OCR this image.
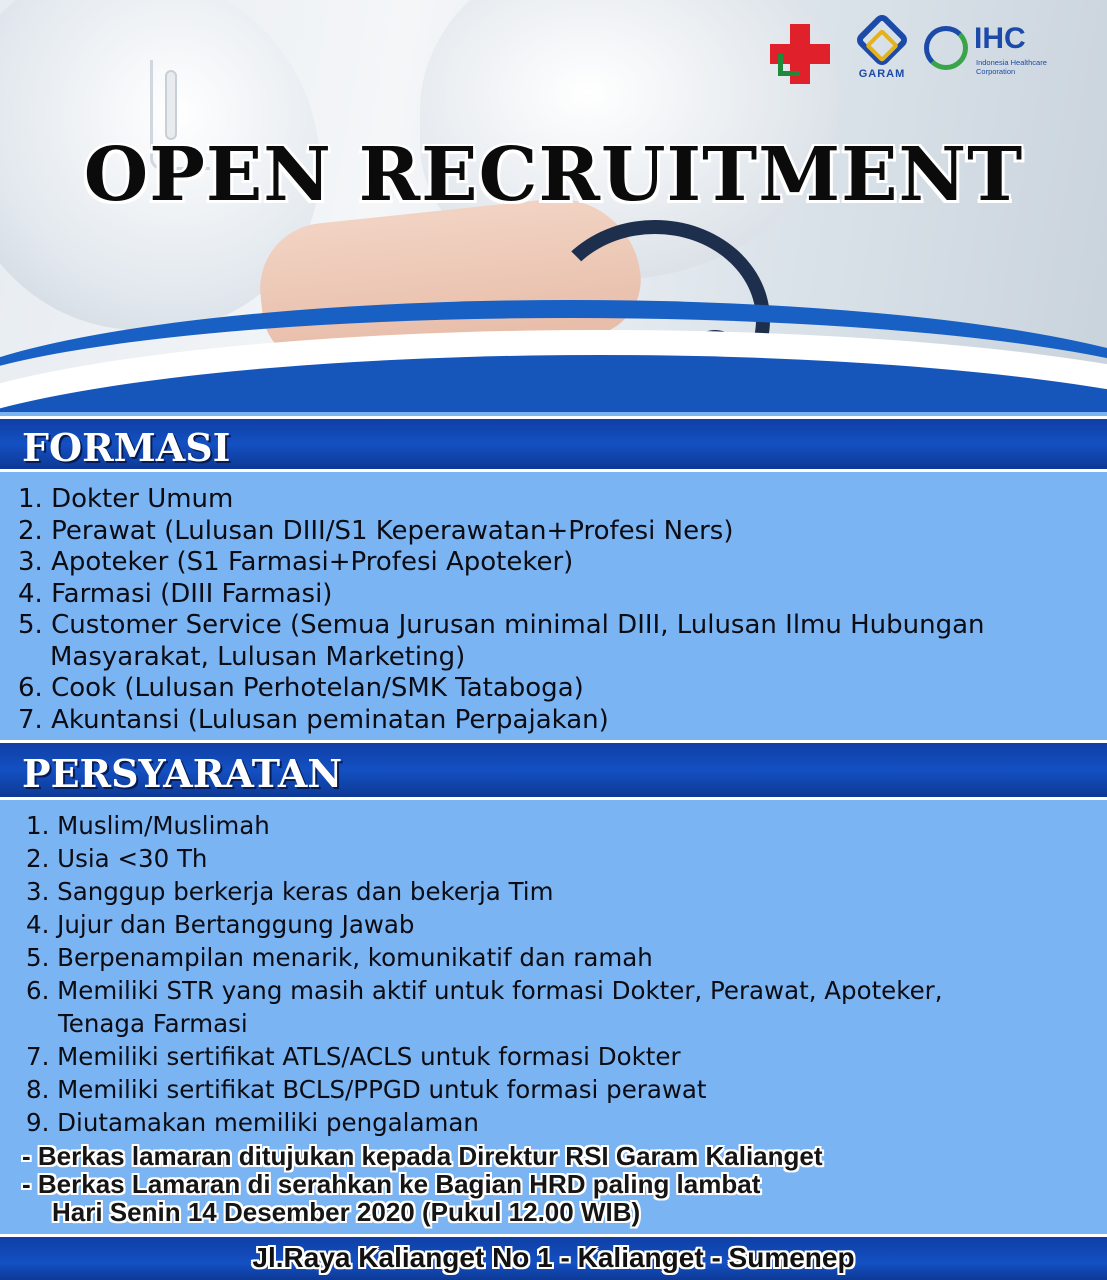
GARAM
IHC
Indonesia Healthcare Corporation
OPEN RECRUITMENT
FORMASI
1. Dokter Umum
2. Perawat (Lulusan DIII/S1 Keperawatan+Profesi Ners)
3. Apoteker (S1 Farmasi+Profesi Apoteker)
4. Farmasi (DIII Farmasi)
5. Customer Service (Semua Jurusan minimal DIII, Lulusan Ilmu Hubungan
Masyarakat, Lulusan Marketing)
6. Cook (Lulusan Perhotelan/SMK Tataboga)
7. Akuntansi (Lulusan peminatan Perpajakan)
PERSYARATAN
1. Muslim/Muslimah
2. Usia <30 Th
3. Sanggup berkerja keras dan bekerja Tim
4. Jujur dan Bertanggung Jawab
5. Berpenampilan menarik, komunikatif dan ramah
6. Memiliki STR yang masih aktif untuk formasi Dokter, Perawat, Apoteker,
Tenaga Farmasi
7. Memiliki sertifikat ATLS/ACLS untuk formasi Dokter
8. Memiliki sertifikat BCLS/PPGD untuk formasi perawat
9. Diutamakan memiliki pengalaman
- Berkas lamaran ditujukan kepada Direktur RSI Garam Kalianget
- Berkas Lamaran di serahkan ke Bagian HRD paling lambat
Hari Senin 14 Desember 2020 (Pukul 12.00 WIB)
Jl.Raya Kalianget No 1 - Kalianget - Sumenep
